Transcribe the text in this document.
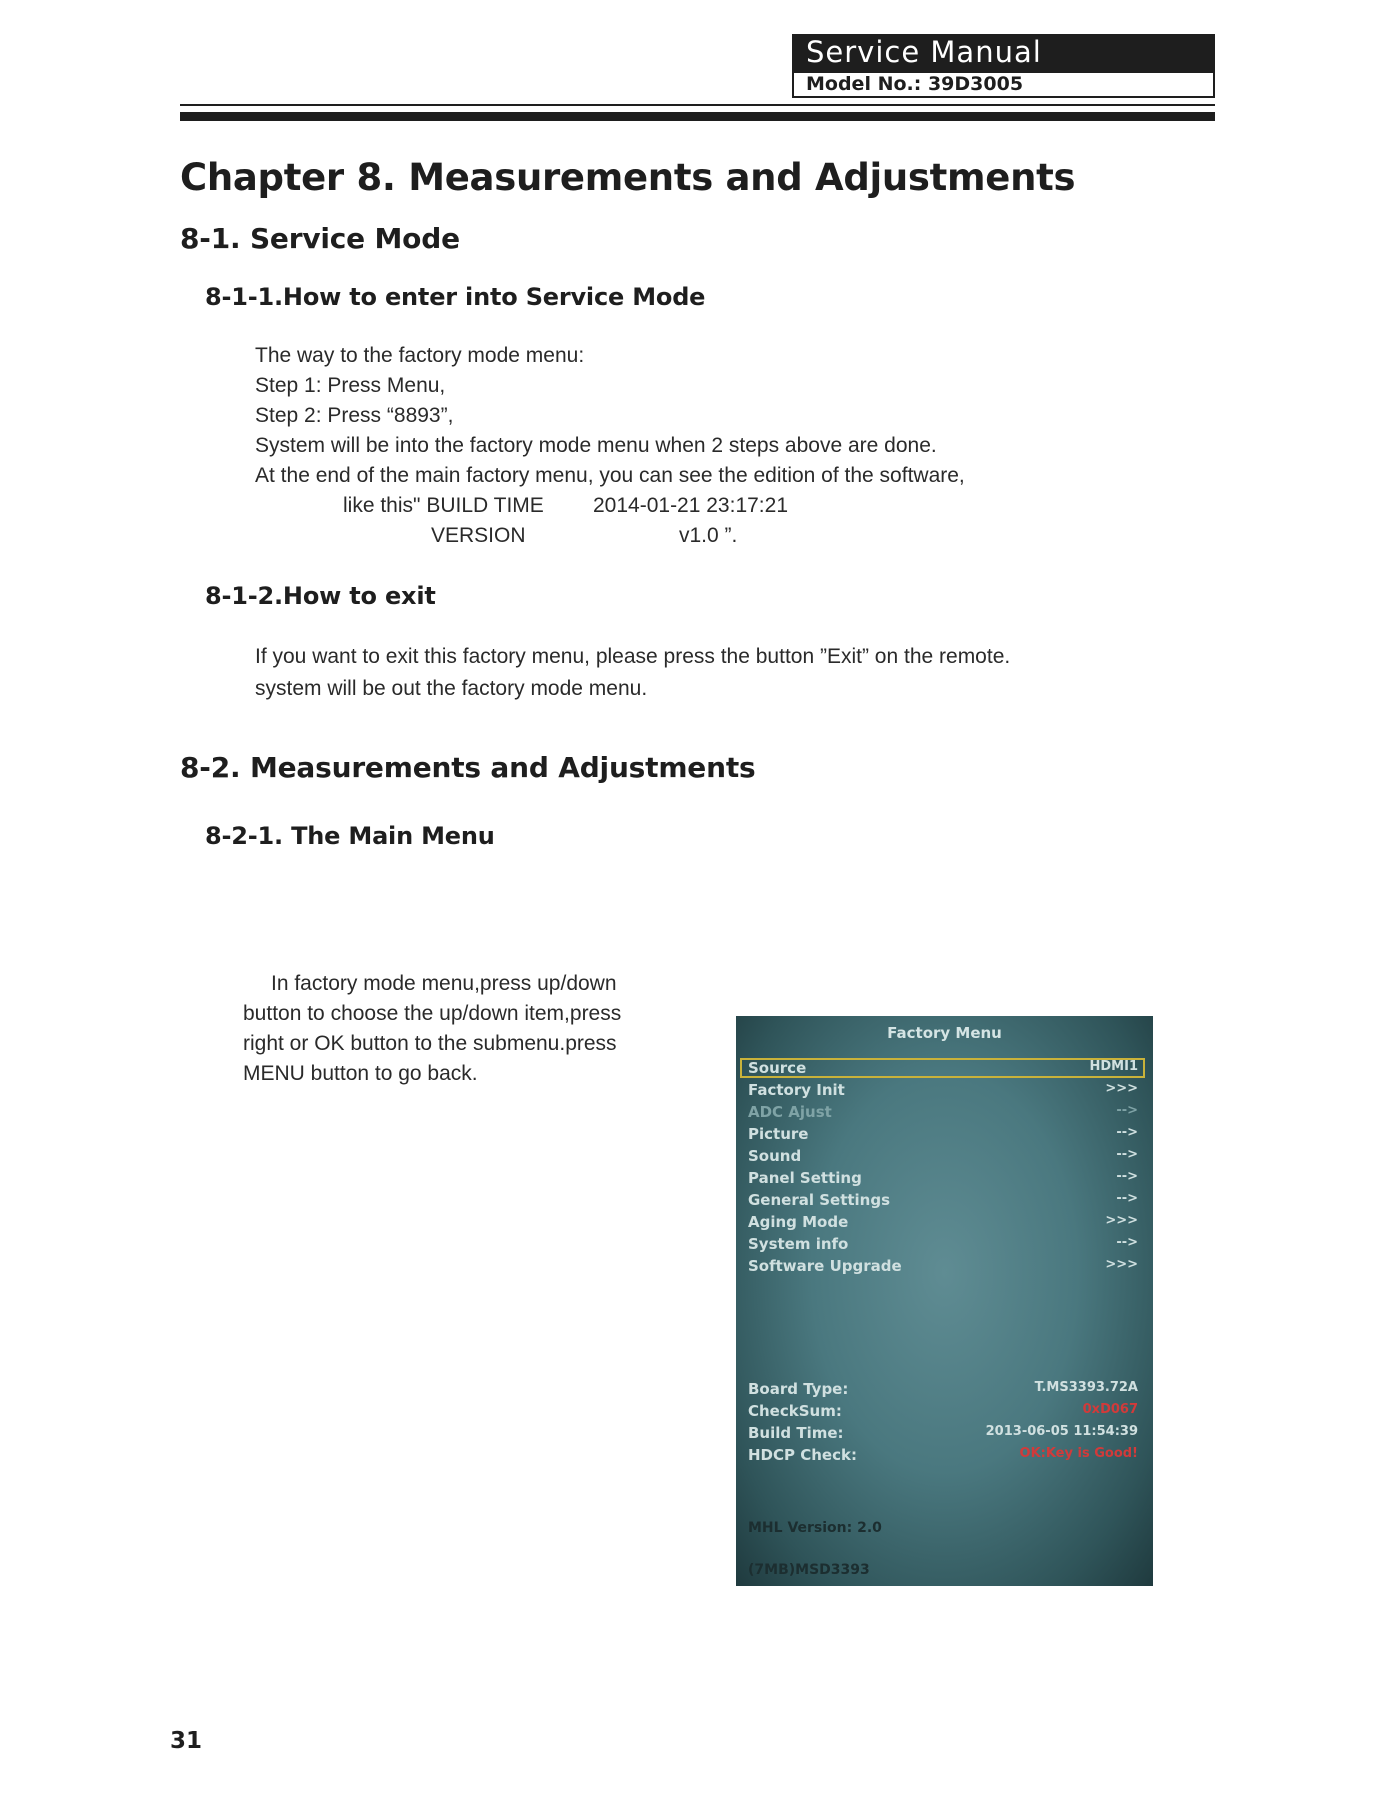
Service Manual
Model No.: 39D3005
Chapter 8. Measurements and Adjustments
8-1. Service Mode
8-1-1.How to enter into Service Mode
The way to the factory mode menu:
Step 1: Press Menu,
Step 2: Press “8893”,
System will be into the factory mode menu when 2 steps above are done.
At the end of the main factory menu, you can see the edition of the software,
like this" BUILD TIME 2014-01-21 23:17:21
VERSION	v1.0 ”.
8-1-2.How to exit
If you want to exit this factory menu, please press the button ”Exit” on the remote.
system will be out the factory mode menu.
8-2. Measurements and Adjustments
8-2-1. The Main Menu
In factory mode menu,press up/down
button to choose the up/down item,press
right or OK button to the submenu.press
MENU button to go back.
Factory Menu
Source	HDMI1
Factory Init	>>>
ADC Ajust	-->
Picture	-->
Sound	-->
Panel Setting	-->
General Settings	-->
Aging Mode	>>>
System info	-->
Software Upgrade	>>>
Board Type:	T.MS3393.72A
CheckSum:	0xD067
Build Time:	2013-06-05 11:54:39
HDCP Check:	OK:Key is Good!
MHL Version: 2.0
(7MB)MSD3393
31
